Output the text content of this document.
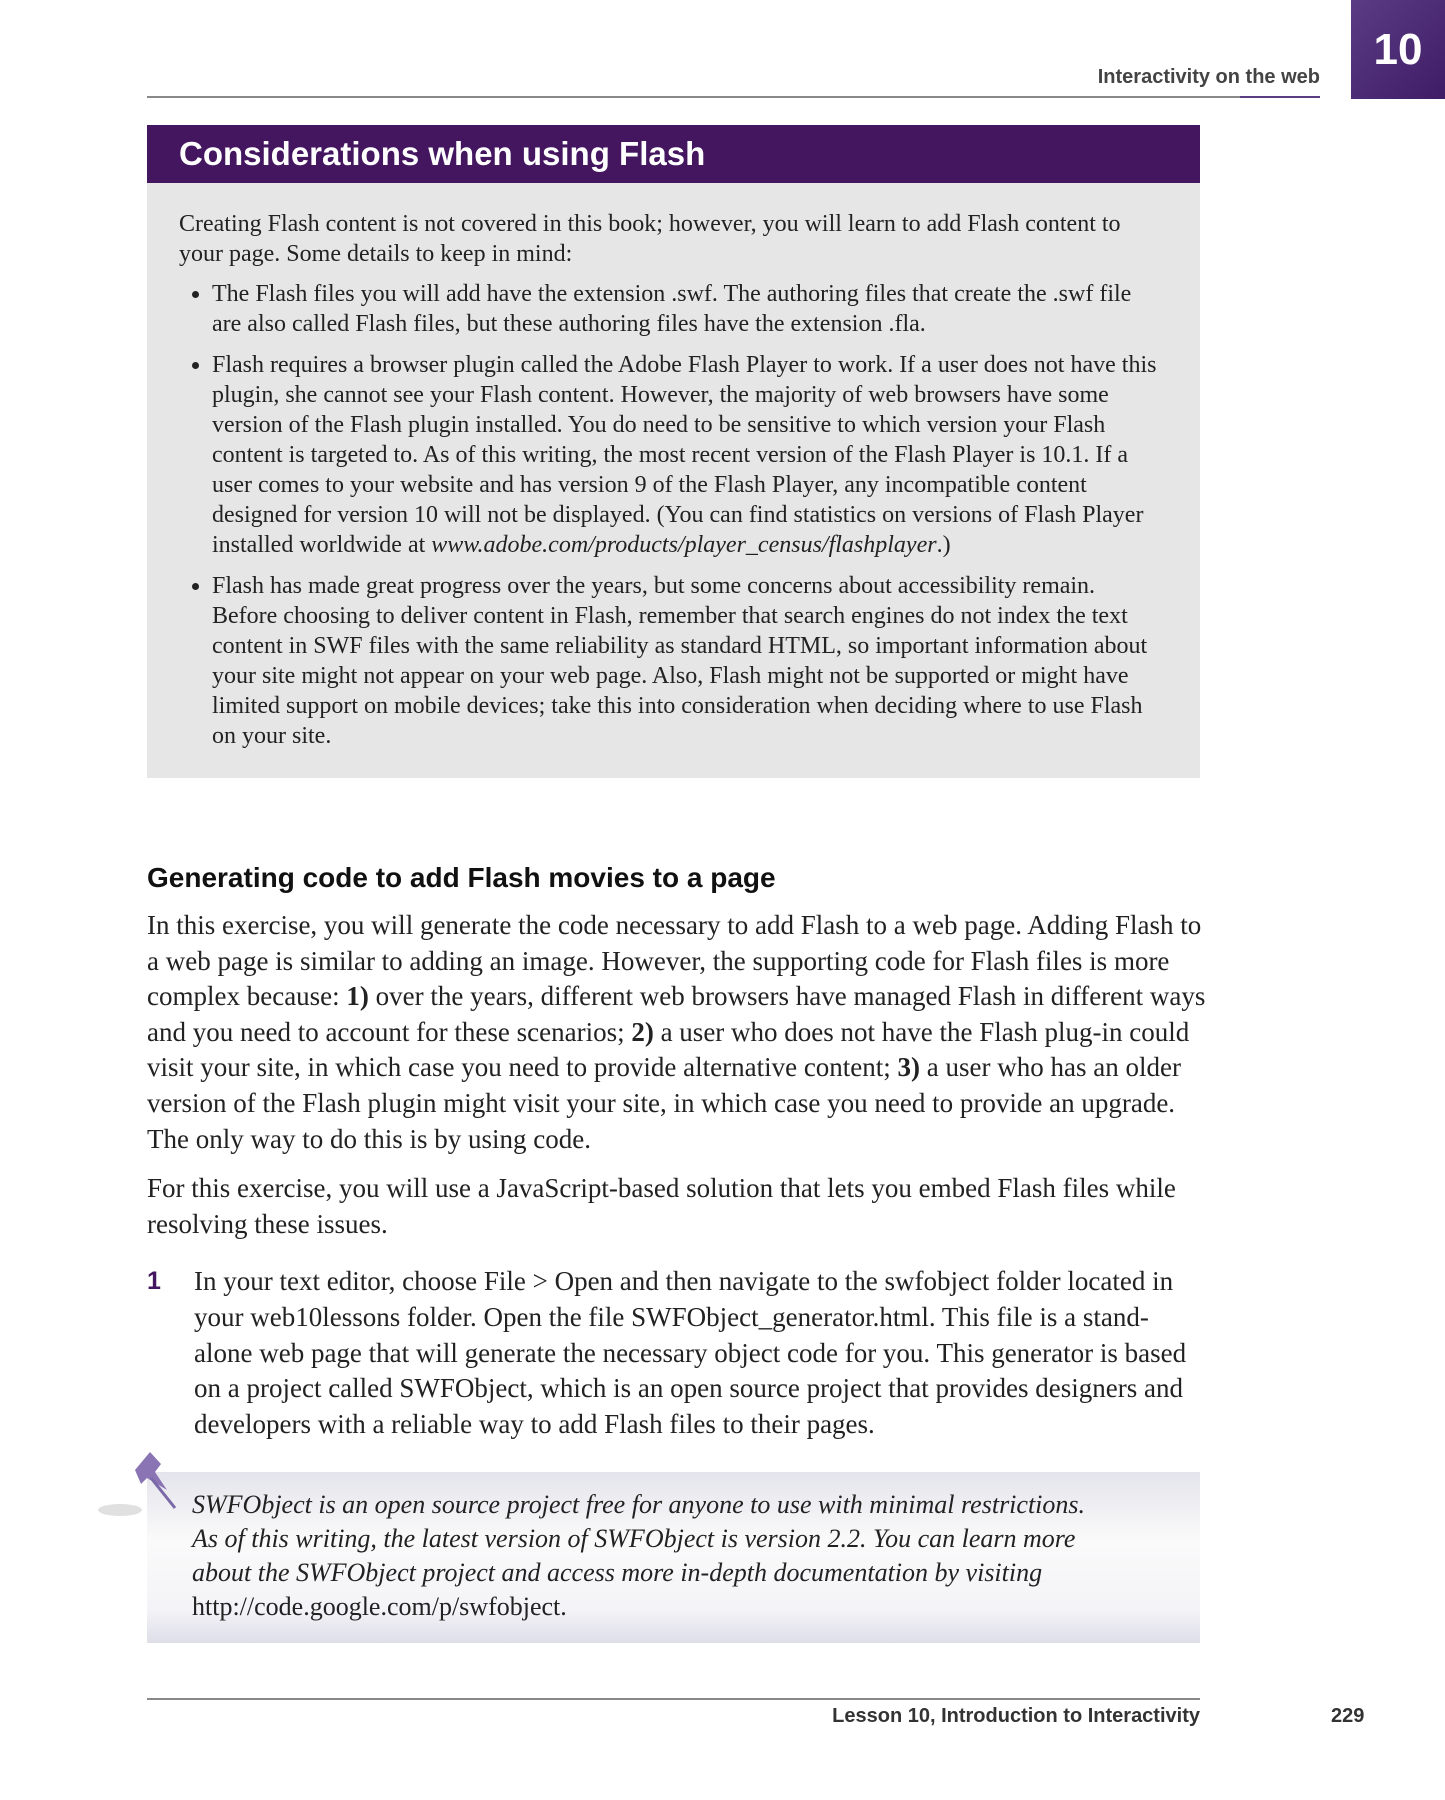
10
Interactivity on the web
Considerations when using Flash

Creating Flash content is not covered in this book; however, you will learn to add Flash content to your page. Some details to keep in mind:

• The Flash files you will add have the extension .swf. The authoring files that create the .swf file are also called Flash files, but these authoring files have the extension .fla.
• Flash requires a browser plugin called the Adobe Flash Player to work. If a user does not have this plugin, she cannot see your Flash content. However, the majority of web browsers have some version of the Flash plugin installed. You do need to be sensitive to which version your Flash content is targeted to. As of this writing, the most recent version of the Flash Player is 10.1. If a user comes to your website and has version 9 of the Flash Player, any incompatible content designed for version 10 will not be displayed. (You can find statistics on versions of Flash Player installed worldwide at www.adobe.com/products/player_census/flashplayer.)
• Flash has made great progress over the years, but some concerns about accessibility remain. Before choosing to deliver content in Flash, remember that search engines do not index the text content in SWF files with the same reliability as standard HTML, so important information about your site might not appear on your web page. Also, Flash might not be supported or might have limited support on mobile devices; take this into consideration when deciding where to use Flash on your site.
Generating code to add Flash movies to a page

In this exercise, you will generate the code necessary to add Flash to a web page. Adding Flash to a web page is similar to adding an image. However, the supporting code for Flash files is more complex because: 1) over the years, different web browsers have managed Flash in different ways and you need to account for these scenarios; 2) a user who does not have the Flash plug-in could visit your site, in which case you need to provide alternative content; 3) a user who has an older version of the Flash plugin might visit your site, in which case you need to provide an upgrade. The only way to do this is by using code.

For this exercise, you will use a JavaScript-based solution that lets you embed Flash files while resolving these issues.

1	In your text editor, choose File > Open and then navigate to the swfobject folder located in your web10lessons folder. Open the file SWFObject_generator.html. This file is a stand-alone web page that will generate the necessary object code for you. This generator is based on a project called SWFObject, which is an open source project that provides designers and developers with a reliable way to add Flash files to their pages.
SWFObject is an open source project free for anyone to use with minimal restrictions. As of this writing, the latest version of SWFObject is version 2.2. You can learn more about the SWFObject project and access more in-depth documentation by visiting
http://code.google.com/p/swfobject.
Lesson 10, Introduction to Interactivity	229
